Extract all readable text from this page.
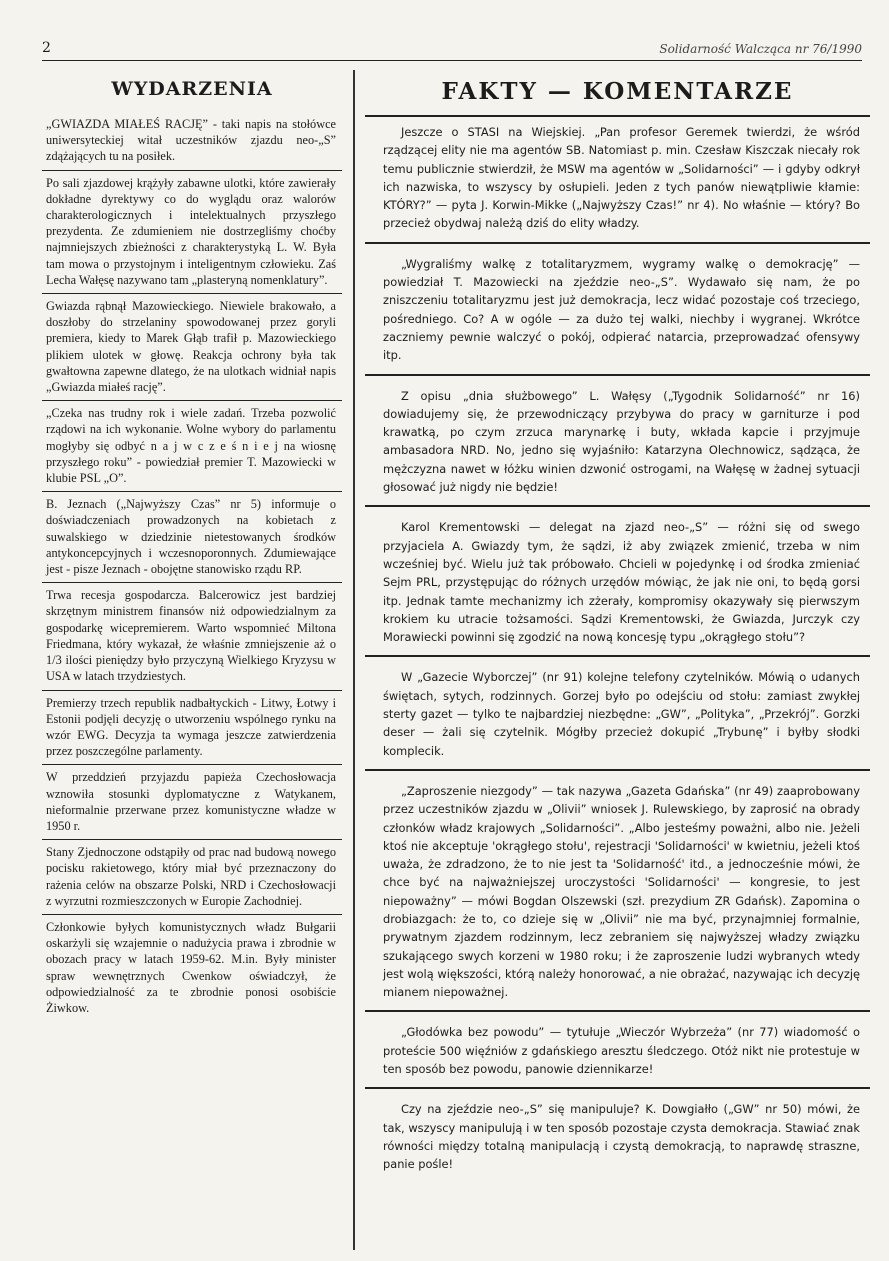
2	Solidarność Walcząca nr 76/1990
WYDARZENIA
„GWIAZDA MIAŁEŚ RACJĘ” - taki napis na stołówce uniwersyteckiej witał uczestników zjazdu neo-„S” zdążających tu na posiłek.
Po sali zjazdowej krążyły zabawne ulotki, które zawierały dokładne dyrektywy co do wyglądu oraz walorów charakterologicznych i intelektualnych przyszłego prezydenta. Ze zdumieniem nie dostrzegliśmy choćby najmniejszych zbieżności z charakterystyką L. W. Była tam mowa o przystojnym i inteligentnym człowieku. Zaś Lecha Wałęsę nazywano tam „plasteryną nomenklatury”.
Gwiazda rąbnął Mazowieckiego. Niewiele brakowało, a doszłoby do strzelaniny spowodowanej przez goryli premiera, kiedy to Marek Głąb trafił p. Mazowieckiego plikiem ulotek w głowę. Reakcja ochrony była tak gwałtowna zapewne dlatego, że na ulotkach widniał napis „Gwiazda miałeś rację”.
„Czeka nas trudny rok i wiele zadań. Trzeba pozwolić rządowi na ich wykonanie. Wolne wybory do parlamentu mogłyby się odbyć n a j w c z e ś n i e j na wiosnę przyszłego roku” - powiedział premier T. Mazowiecki w klubie PSL „O”.
B. Jeznach („Najwyższy Czas” nr 5) informuje o doświadczeniach prowadzonych na kobietach z suwalskiego w dziedzinie nietestowanych środków antykoncepcyjnych i wczesnoporonnych. Zdumiewające jest - pisze Jeznach - obojętne stanowisko rządu RP.
Trwa recesja gospodarcza. Balcerowicz jest bardziej skrzętnym ministrem finansów niż odpowiedzialnym za gospodarkę wicepremierem. Warto wspomnieć Miltona Friedmana, który wykazał, że właśnie zmniejszenie aż o 1/3 ilości pieniędzy było przyczyną Wielkiego Kryzysu w USA w latach trzydziestych.
Premierzy trzech republik nadbałtyckich - Litwy, Łotwy i Estonii podjęli decyzję o utworzeniu wspólnego rynku na wzór EWG. Decyzja ta wymaga jeszcze zatwierdzenia przez poszczególne parlamenty.
W przeddzień przyjazdu papieża Czechosłowacja wznowiła stosunki dyplomatyczne z Watykanem, nieformalnie przerwane przez komunistyczne władze w 1950 r.
Stany Zjednoczone odstąpiły od prac nad budową nowego pocisku rakietowego, który miał być przeznaczony do rażenia celów na obszarze Polski, NRD i Czechosłowacji z wyrzutni rozmieszczonych w Europie Zachodniej.
Członkowie byłych komunistycznych władz Bułgarii oskarżyli się wzajemnie o nadużycia prawa i zbrodnie w obozach pracy w latach 1959-62. M.in. Były minister spraw wewnętrznych Cwenkow oświadczył, że odpowiedzialność za te zbrodnie ponosi osobiście Żiwkow.
FAKTY — KOMENTARZE
Jeszcze o STASI na Wiejskiej. „Pan profesor Geremek twierdzi, że wśród rządzącej elity nie ma agentów SB. Natomiast p. min. Czesław Kiszczak niecały rok temu publicznie stwierdził, że MSW ma agentów w „Solidarności” — i gdyby odkrył ich nazwiska, to wszyscy by osłupieli. Jeden z tych panów niewątpliwie kłamie: KTÓRY?” — pyta J. Korwin-Mikke („Najwyższy Czas!” nr 4). No właśnie — który? Bo przecież obydwaj należą dziś do elity władzy.
„Wygraliśmy walkę z totalitaryzmem, wygramy walkę o demokrację” — powiedział T. Mazowiecki na zjeździe neo-„S”. Wydawało się nam, że po zniszczeniu totalitaryzmu jest już demokracja, lecz widać pozostaje coś trzeciego, pośredniego. Co? A w ogóle — za dużo tej walki, niechby i wygranej. Wkrótce zaczniemy pewnie walczyć o pokój, odpierać natarcia, przeprowadzać ofensywy itp.
Z opisu „dnia służbowego” L. Wałęsy („Tygodnik Solidarność” nr 16) dowiadujemy się, że przewodniczący przybywa do pracy w garniturze i pod krawatką, po czym zrzuca marynarkę i buty, wkłada kapcie i przyjmuje ambasadora NRD. No, jedno się wyjaśniło: Katarzyna Olechnowicz, sądząca, że mężczyzna nawet w łóżku winien dzwonić ostrogami, na Wałęsę w żadnej sytuacji głosować już nigdy nie będzie!
Karol Krementowski — delegat na zjazd neo-„S” — różni się od swego przyjaciela A. Gwiazdy tym, że sądzi, iż aby związek zmienić, trzeba w nim wcześniej być. Wielu już tak próbowało. Chcieli w pojedynkę i od środka zmieniać Sejm PRL, przystępując do różnych urzędów mówiąc, że jak nie oni, to będą gorsi itp. Jednak tamte mechanizmy ich zżerały, kompromisy okazywały się pierwszym krokiem ku utracie tożsamości. Sądzi Krementowski, że Gwiazda, Jurczyk czy Morawiecki powinni się zgodzić na nową koncesję typu „okrągłego stołu”?
W „Gazecie Wyborczej” (nr 91) kolejne telefony czytelników. Mówią o udanych świętach, sytych, rodzinnych. Gorzej było po odejściu od stołu: zamiast zwykłej sterty gazet — tylko te najbardziej niezbędne: „GW”, „Polityka”, „Przekrój”. Gorzki deser — żali się czytelnik. Mógłby przecież dokupić „Trybunę” i byłby słodki komplecik.
„Zaproszenie niezgody” — tak nazywa „Gazeta Gdańska” (nr 49) zaaprobowany przez uczestników zjazdu w „Olivii” wniosek J. Rulewskiego, by zaprosić na obrady członków władz krajowych „Solidarności”. „Albo jesteśmy poważni, albo nie. Jeżeli ktoś nie akceptuje 'okrągłego stołu', rejestracji 'Solidarności' w kwietniu, jeżeli ktoś uważa, że zdradzono, że to nie jest ta 'Solidarność' itd., a jednocześnie mówi, że chce być na najważniejszej uroczystości 'Solidarności' — kongresie, to jest niepoważny” — mówi Bogdan Olszewski (szł. prezydium ZR Gdańsk). Zapomina o drobiazgach: że to, co dzieje się w „Olivii” nie ma być, przynajmniej formalnie, prywatnym zjazdem rodzinnym, lecz zebraniem się najwyższej władzy związku szukającego swych korzeni w 1980 roku; i że zaproszenie ludzi wybranych wtedy jest wolą większości, którą należy honorować, a nie obrażać, nazywając ich decyzję mianem niepoważnej.
„Głodówka bez powodu” — tytułuje „Wieczór Wybrzeża” (nr 77) wiadomość o proteście 500 więźniów z gdańskiego aresztu śledczego. Otóż nikt nie protestuje w ten sposób bez powodu, panowie dziennikarze!
Czy na zjeździe neo-„S” się manipuluje? K. Dowgiałło („GW” nr 50) mówi, że tak, wszyscy manipulują i w ten sposób pozostaje czysta demokracja. Stawiać znak równości między totalną manipulacją i czystą demokracją, to naprawdę straszne, panie pośle!
